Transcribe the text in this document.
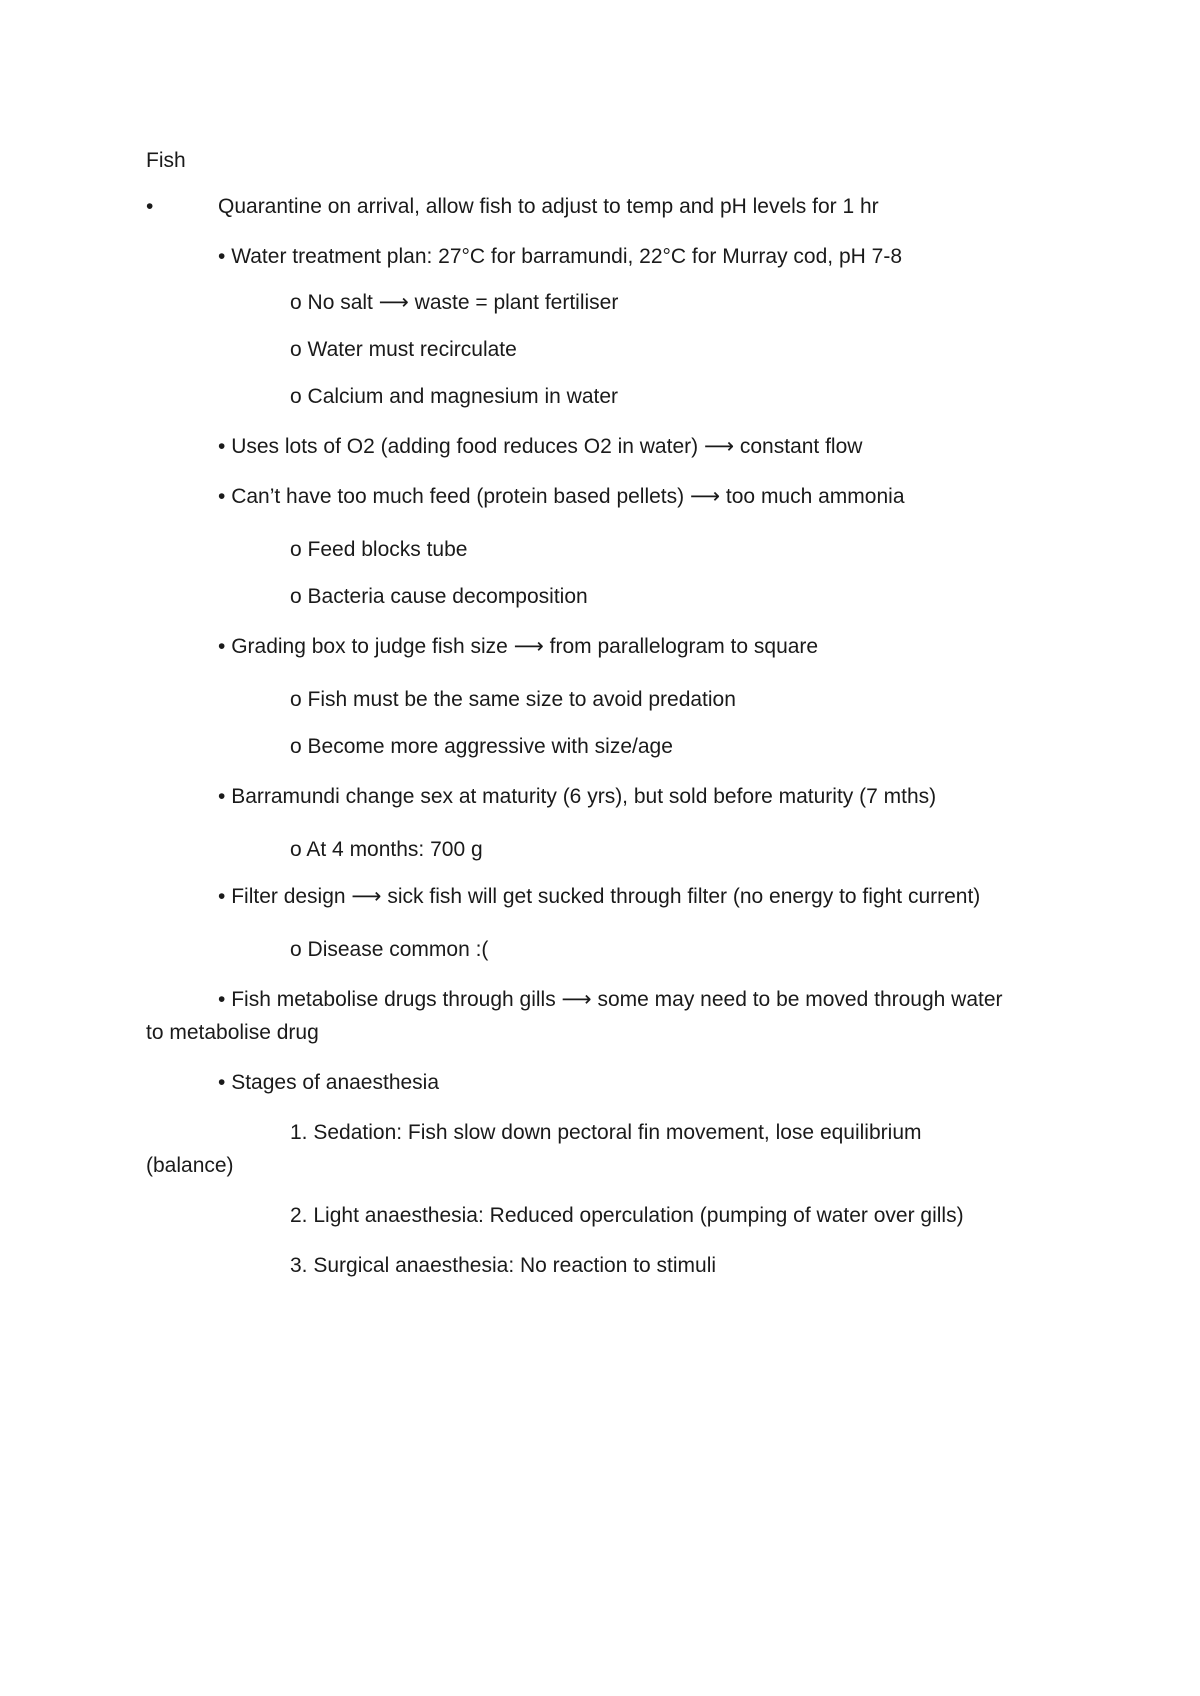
Fish
•	Quarantine on arrival, allow fish to adjust to temp and pH levels for 1 hr
• Water treatment plan: 27°C for barramundi, 22°C for Murray cod, pH 7-8
o No salt ⟶ waste = plant fertiliser
o Water must recirculate
o Calcium and magnesium in water
• Uses lots of O2 (adding food reduces O2 in water) ⟶ constant flow
• Can’t have too much feed (protein based pellets) ⟶ too much ammonia
o Feed blocks tube
o Bacteria cause decomposition
• Grading box to judge fish size ⟶ from parallelogram to square
o Fish must be the same size to avoid predation
o Become more aggressive with size/age
• Barramundi change sex at maturity (6 yrs), but sold before maturity (7 mths)
o At 4 months: 700 g
• Filter design ⟶ sick fish will get sucked through filter (no energy to fight current)
o Disease common :(
• Fish metabolise drugs through gills ⟶ some may need to be moved through water
to metabolise drug
• Stages of anaesthesia
1. Sedation: Fish slow down pectoral fin movement, lose equilibrium
(balance)
2. Light anaesthesia: Reduced operculation (pumping of water over gills)
3. Surgical anaesthesia: No reaction to stimuli
